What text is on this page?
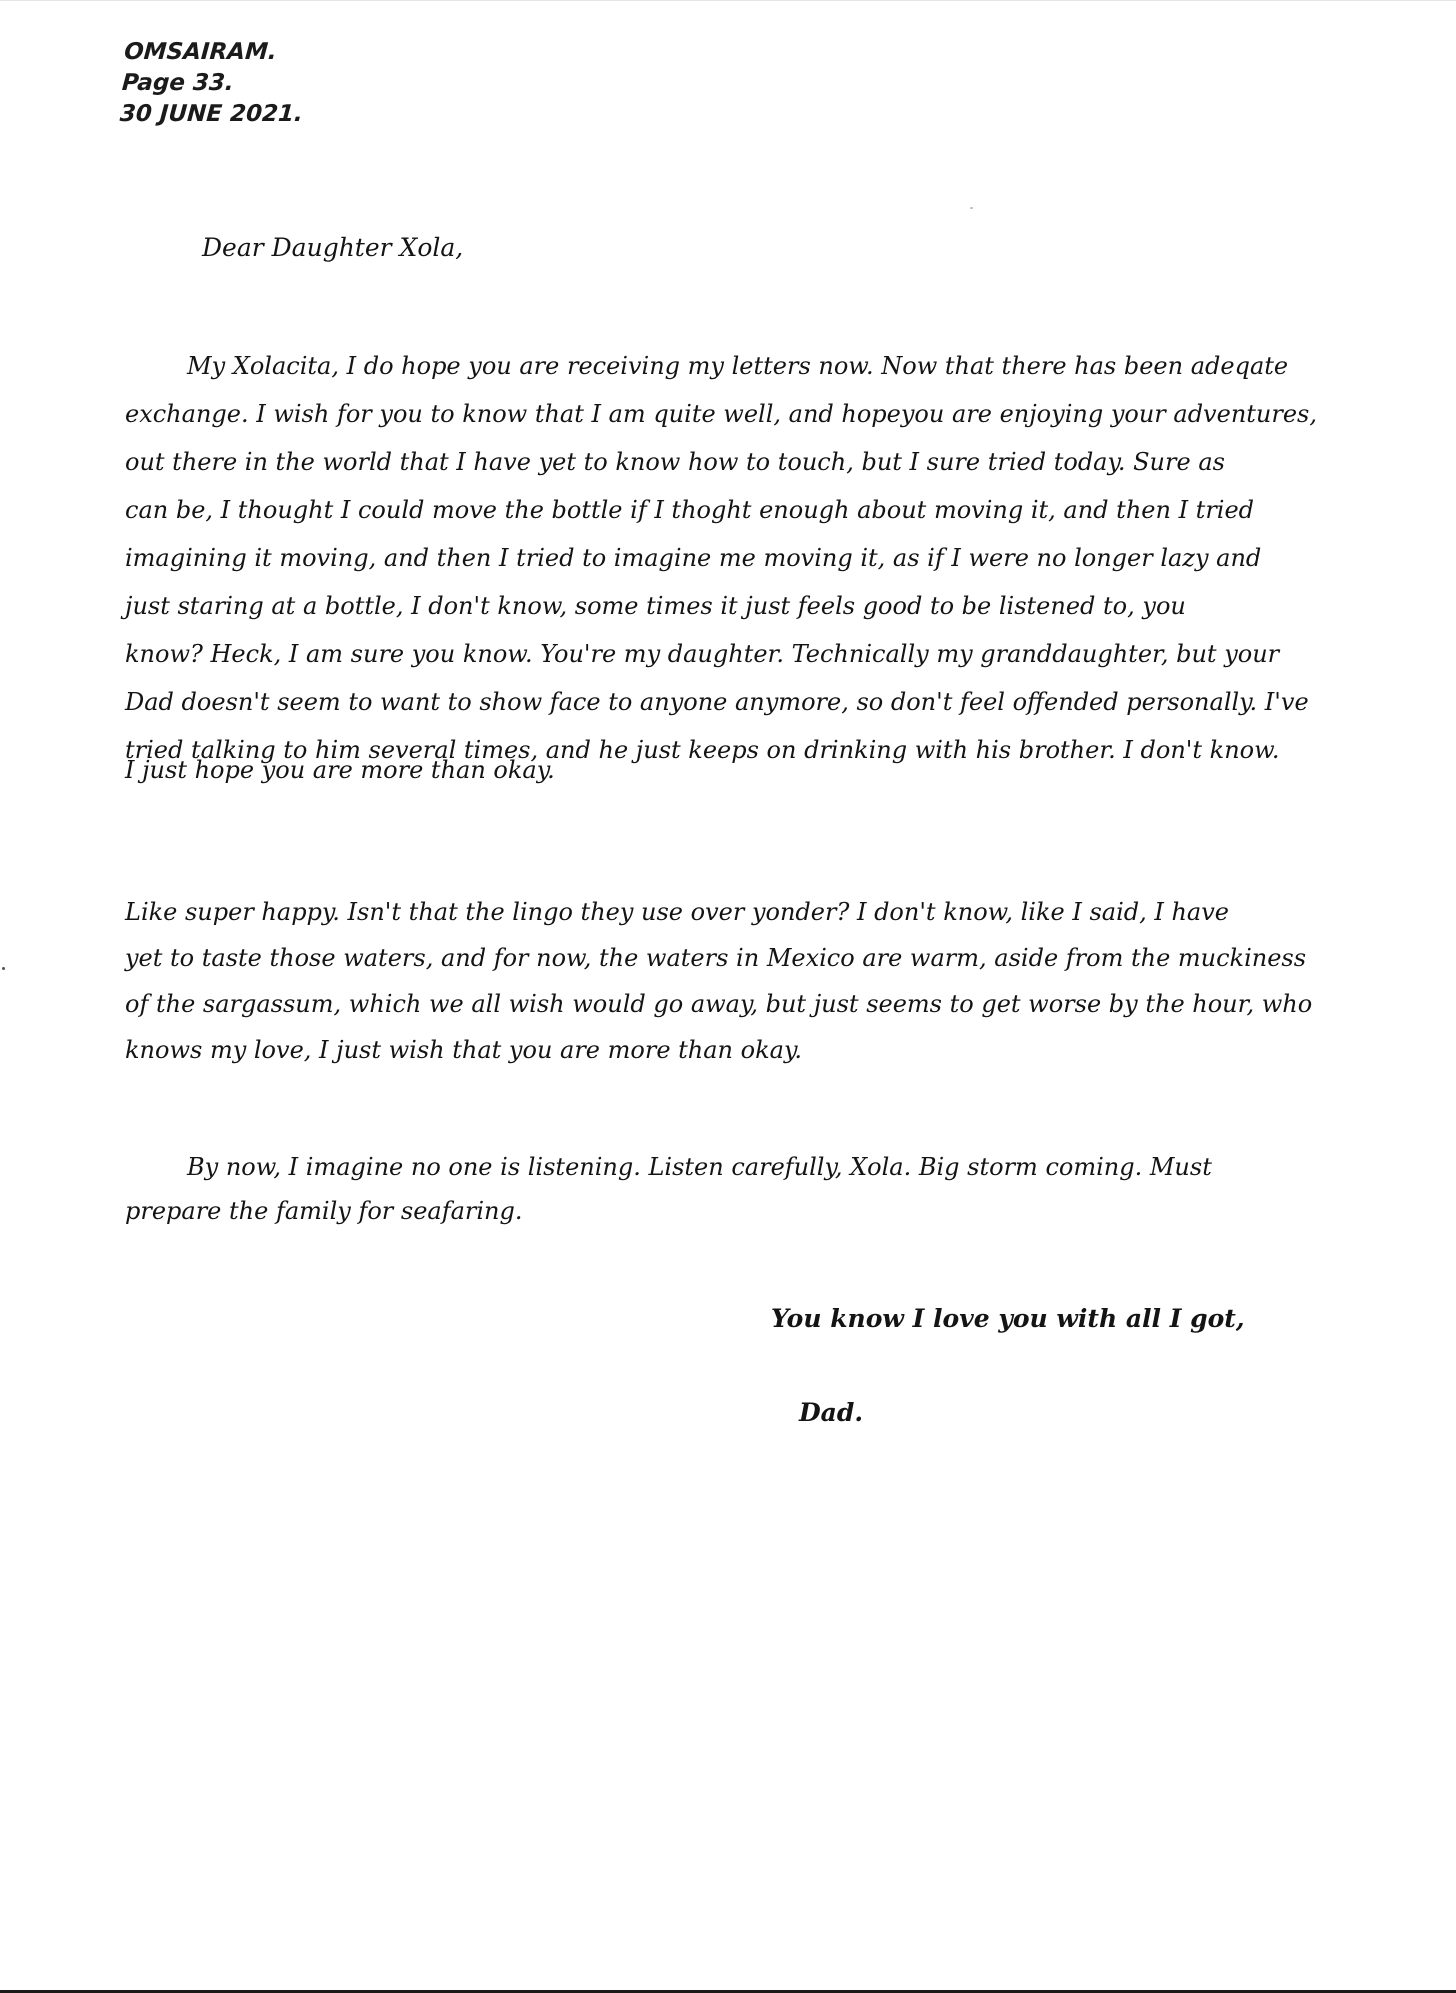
OMSAIRAM.
Page 33.
30 JUNE 2021.
Dear Daughter Xola,

My Xolacita, I do hope you are receiving my letters now. Now that there has been adeqate
exchange. I wish for you to know that I am quite well, and hopeyou are enjoying your adventures,
out there in the world that I have yet to know how to touch, but I sure tried today. Sure as
can be, I thought I could move the bottle if I thoght enough about moving it, and then I tried
imagining it moving, and then I tried to imagine me moving it, as if I were no longer lazy and
just staring at a bottle, I don't know, some times it just feels good to be listened to, you
know? Heck, I am sure you know. You're my daughter. Technically my granddaughter, but your
Dad doesn't seem to want to show face to anyone anymore, so don't feel offended personally. I've
tried talking to him several times, and he just keeps on drinking with his brother. I don't know.
I just hope you are more than okay.

Like super happy. Isn't that the lingo they use over yonder? I don't know, like I said, I have
yet to taste those waters, and for now, the waters in Mexico are warm, aside from the muckiness
of the sargassum, which we all wish would go away, but just seems to get worse by the hour, who
knows my love, I just wish that you are more than okay.

By now, I imagine no one is listening. Listen carefully, Xola. Big storm coming. Must
prepare the family for seafaring.

You know I love you with all I got,
Dad.
